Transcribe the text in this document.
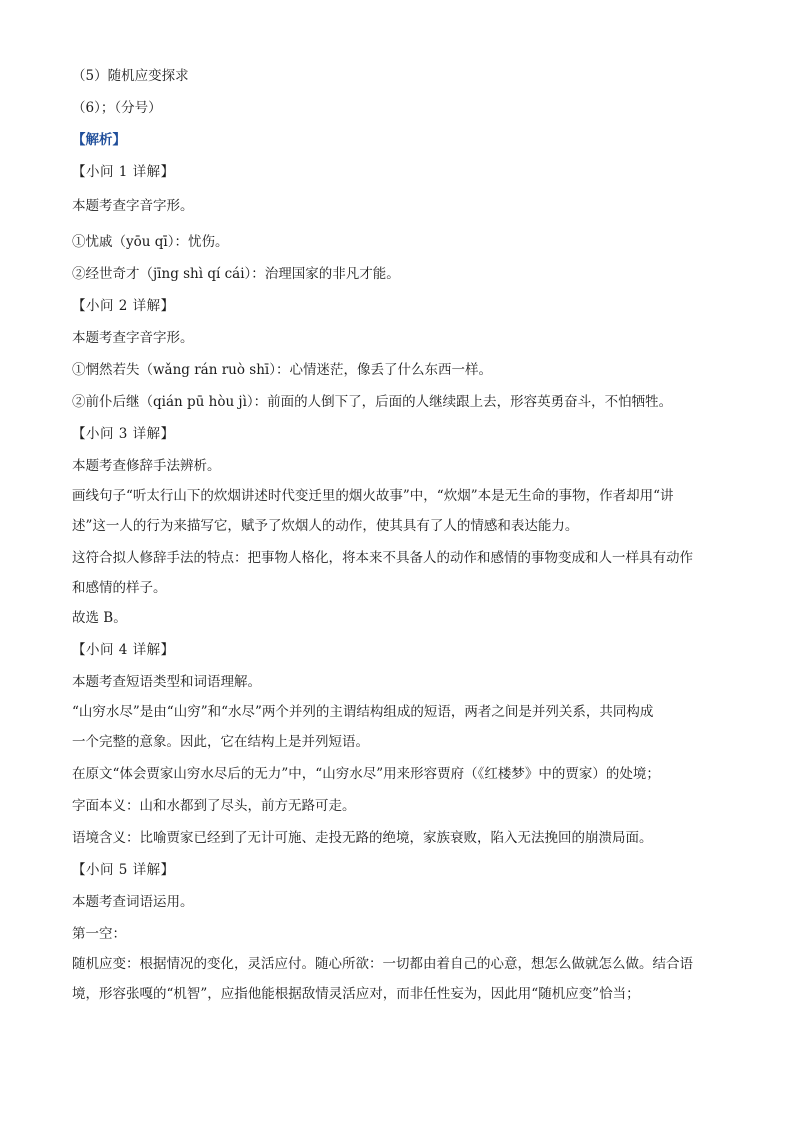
（5）随机应变探求
（6）；（分号）
【解析】
【小问 1 详解】
本题考查字音字形。
①忧戚（yōu qī）：忧伤。
②经世奇才（jīng shì qí cái）：治理国家的非凡才能。
【小问 2 详解】
本题考查字音字形。
①惘然若失（wǎng rán ruò shī）：心情迷茫，像丢了什么东西一样。
②前仆后继（qián pū hòu jì）：前面的人倒下了，后面的人继续跟上去，形容英勇奋斗，不怕牺牲。
【小问 3 详解】
本题考查修辞手法辨析。
画线句子“听太行山下的炊烟讲述时代变迁里的烟火故事”中，“炊烟”本是无生命的事物，作者却用“讲
述”这一人的行为来描写它，赋予了炊烟人的动作，使其具有了人的情感和表达能力。
这符合拟人修辞手法的特点：把事物人格化，将本来不具备人的动作和感情的事物变成和人一样具有动作
和感情的样子。
故选 B。
【小问 4 详解】
本题考查短语类型和词语理解。
“山穷水尽”是由“山穷”和“水尽”两个并列的主谓结构组成的短语，两者之间是并列关系，共同构成
一个完整的意象。因此，它在结构上是并列短语。
在原文“体会贾家山穷水尽后的无力”中，“山穷水尽”用来形容贾府（《红楼梦》中的贾家）的处境；
字面本义：山和水都到了尽头，前方无路可走。
语境含义：比喻贾家已经到了无计可施、走投无路的绝境，家族衰败，陷入无法挽回的崩溃局面。
【小问 5 详解】
本题考查词语运用。
第一空：
随机应变：根据情况的变化，灵活应付。随心所欲：一切都由着自己的心意，想怎么做就怎么做。结合语
境，形容张嘎的“机智”，应指他能根据敌情灵活应对，而非任性妄为，因此用“随机应变”恰当；
